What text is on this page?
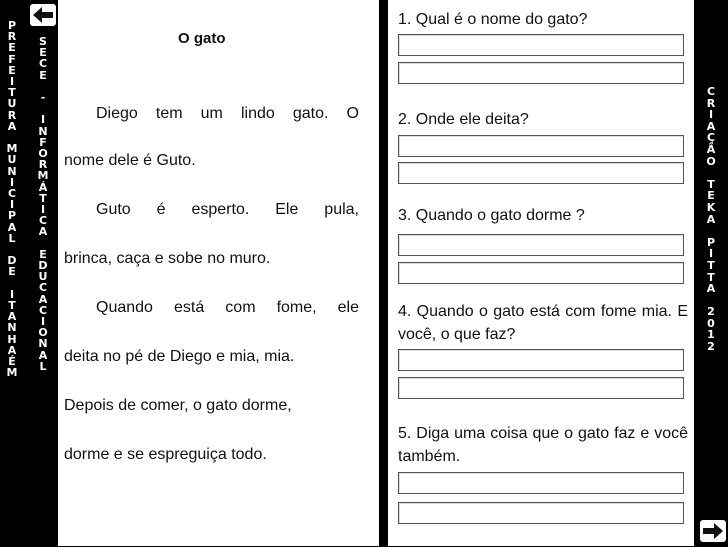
P
R
E
F
E
I
T
U
R
A

M
U
N
I
C
I
P
A
L

D
E

I
T
A
N
H
A
É
M
S
E
C
E

-

I
N
F
O
R
M
Á
T
I
C
A

E
D
U
C
A
C
I
O
N
A
L
O gato
Diego tem um lindo gato. O
nome dele é Guto.
Guto é esperto. Ele pula,
brinca, caça e sobe no muro.
Quando está com fome, ele
deita no pé de Diego e mia, mia.
Depois de comer, o gato dorme,
dorme e se espreguiça todo.
1. Qual é o nome do gato?
2. Onde ele deita?
3. Quando o gato dorme ?
4. Quando o gato está com fome mia. E você, o que faz?
5. Diga uma coisa que o gato faz e você também.
C
R
I
A
Ç
Ã
O

T
E
K
A

P
I
T
T
A

2
0
1
2
